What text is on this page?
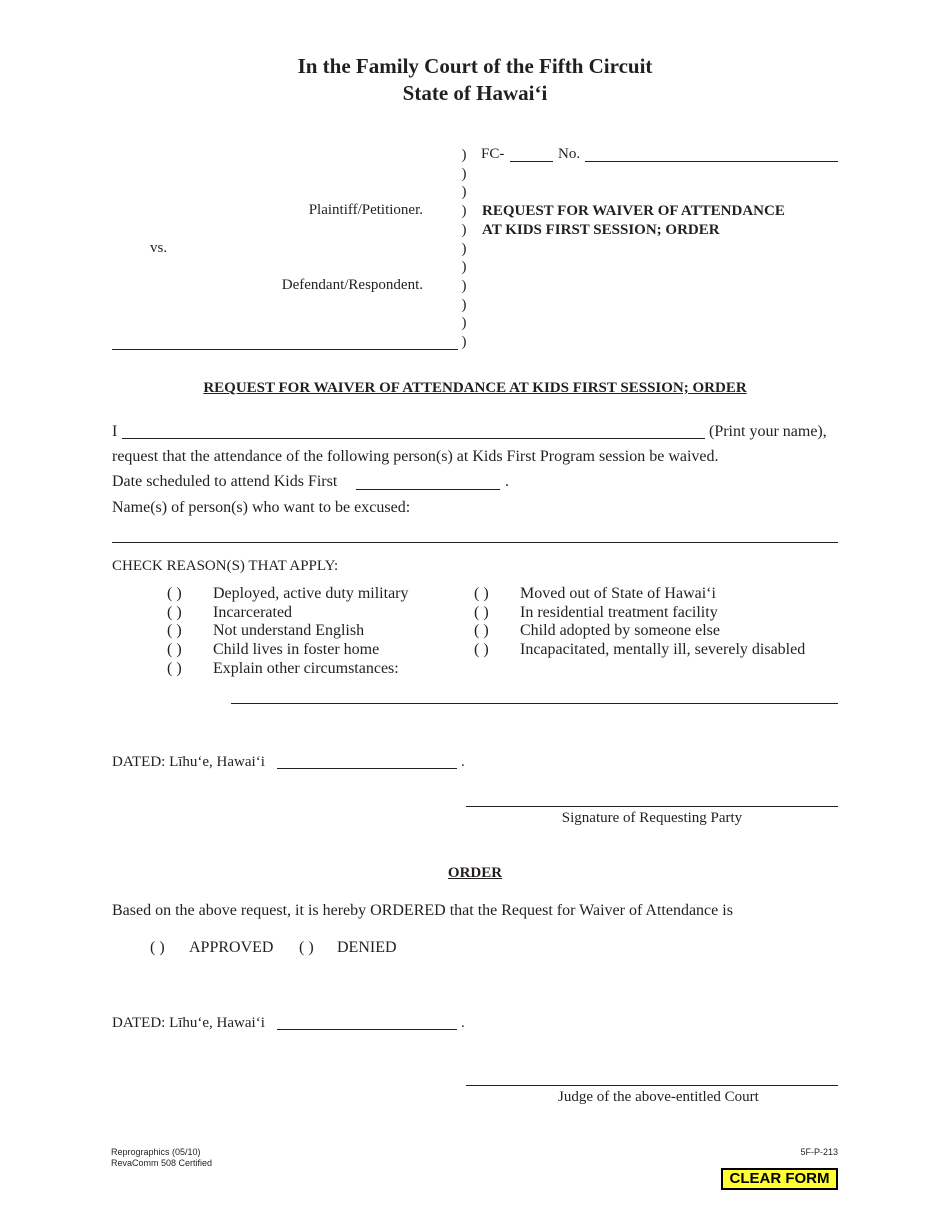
In the Family Court of the Fifth Circuit
State of Hawai‘i
)
)
)
)
)
)
)
)
)
)
)
FC-	No.
Plaintiff/Petitioner.
vs.
Defendant/Respondent.
REQUEST FOR WAIVER OF ATTENDANCE
AT KIDS FIRST SESSION; ORDER
REQUEST FOR WAIVER OF ATTENDANCE AT KIDS FIRST SESSION; ORDER
I	(Print your name),
request that the attendance of the following person(s) at Kids First Program session be waived.
Date scheduled to attend Kids First	.
Name(s) of person(s) who want to be excused:
CHECK REASON(S) THAT APPLY:
( ) Deployed, active duty military
( ) Incarcerated
( ) Not understand English
( ) Child lives in foster home
( ) Explain other circumstances:
( ) Moved out of State of Hawai‘i
( ) In residential treatment facility
( ) Child adopted by someone else
( ) Incapacitated, mentally ill, severely disabled
DATED: Līhu‘e, Hawai‘i	.
Signature of Requesting Party
ORDER
Based on the above request, it is hereby ORDERED that the Request for Waiver of Attendance is
( ) APPROVED ( ) DENIED
DATED: Līhu‘e, Hawai‘i	.
Judge of the above-entitled Court
Reprographics (05/10)
RevaComm 508 Certified
5F-P-213
CLEAR FORM
